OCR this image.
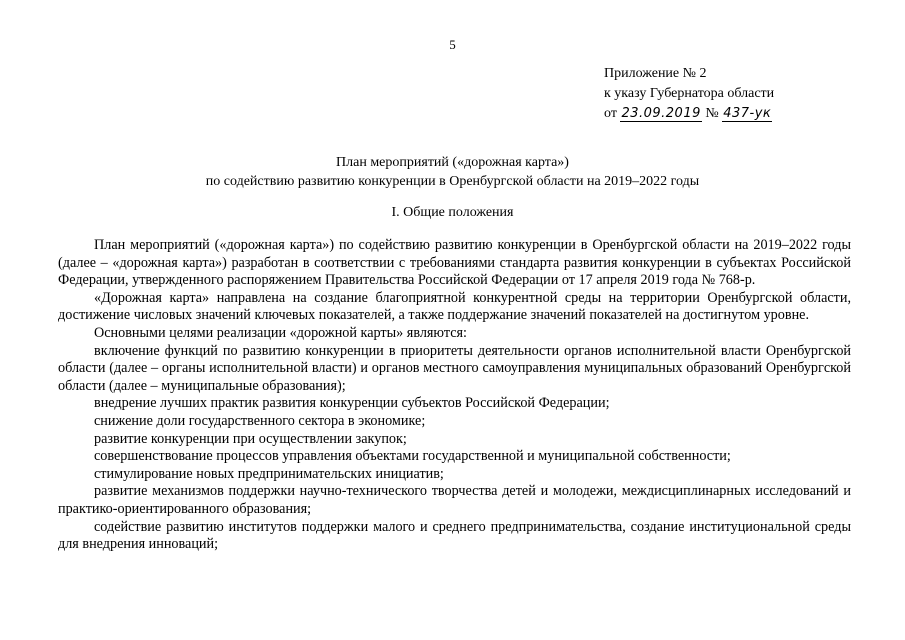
5
Приложение № 2
к указу Губернатора области
от 23.09.2019 № 437-ук
План мероприятий («дорожная карта»)
по содействию развитию конкуренции в Оренбургской области на 2019–2022 годы
I. Общие положения

План мероприятий («дорожная карта») по содействию развитию конкуренции в Оренбургской области на 2019–2022 годы (далее – «дорожная карта») разработан в соответствии с требованиями стандарта развития конкуренции в субъектах Российской Федерации, утвержденного распоряжением Правительства Российской Федерации от 17 апреля 2019 года № 768-р.

«Дорожная карта» направлена на создание благоприятной конкурентной среды на территории Оренбургской области, достижение числовых значений ключевых показателей, а также поддержание значений показателей на достигнутом уровне.

Основными целями реализации «дорожной карты» являются:

включение функций по развитию конкуренции в приоритеты деятельности органов исполнительной власти Оренбургской области (далее – органы исполнительной власти) и органов местного самоуправления муниципальных образований Оренбургской области (далее – муниципальные образования);

внедрение лучших практик развития конкуренции субъектов Российской Федерации;

снижение доли государственного сектора в экономике;

развитие конкуренции при осуществлении закупок;

совершенствование процессов управления объектами государственной и муниципальной собственности;

стимулирование новых предпринимательских инициатив;

развитие механизмов поддержки научно-технического творчества детей и молодежи, междисциплинарных исследований и практико-ориентированного образования;

содействие развитию институтов поддержки малого и среднего предпринимательства, создание институциональной среды для внедрения инноваций;
